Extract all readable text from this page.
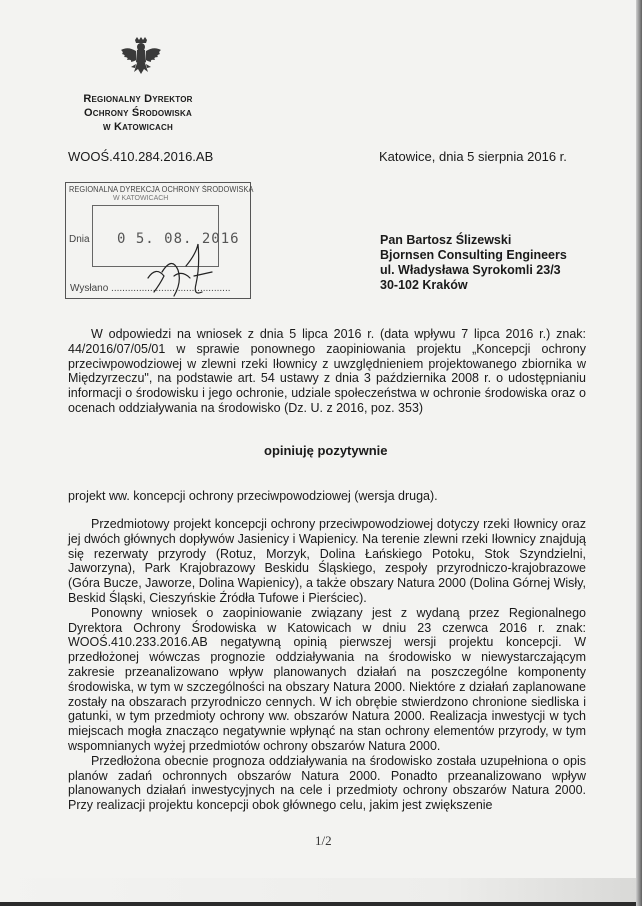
Regionalny Dyrektor
Ochrony Środowiska
w Katowicach
WOOŚ.410.284.2016.AB	Katowice, dnia 5 sierpnia 2016 r.
REGIONALNA DYREKCJA OCHRONY ŚRODOWISKA
W KATOWICACH
Dnia 0 5. 08. 2016
Wysłano ...........................................
Pan Bartosz Ślizewski
Bjornsen Consulting Engineers
ul. Władysława Syrokomli 23/3
30-102 Kraków

W odpowiedzi na wniosek z dnia 5 lipca 2016 r. (data wpływu 7 lipca 2016 r.) znak: 44/2016/07/05/01 w sprawie ponownego zaopiniowania projektu „Koncepcji ochrony przeciwpowodziowej w zlewni rzeki Iłownicy z uwzględnieniem projektowanego zbiornika w Międzyrzeczu", na podstawie art. 54 ustawy z dnia 3 października 2008 r. o udostępnianiu informacji o środowisku i jego ochronie, udziale społeczeństwa w ochronie środowiska oraz o ocenach oddziaływania na środowisko (Dz. U. z 2016, poz. 353)

opiniuję pozytywnie

projekt ww. koncepcji ochrony przeciwpowodziowej (wersja druga).

Przedmiotowy projekt koncepcji ochrony przeciwpowodziowej dotyczy rzeki Iłownicy oraz jej dwóch głównych dopływów Jasienicy i Wapienicy. Na terenie zlewni rzeki Iłownicy znajdują się rezerwaty przyrody (Rotuz, Morzyk, Dolina Łańskiego Potoku, Stok Szyndzielni, Jaworzyna), Park Krajobrazowy Beskidu Śląskiego, zespoły przyrodniczo-krajobrazowe (Góra Bucze, Jaworze, Dolina Wapienicy), a także obszary Natura 2000 (Dolina Górnej Wisły, Beskid Śląski, Cieszyńskie Źródła Tufowe i Pierściec).

Ponowny wniosek o zaopiniowanie związany jest z wydaną przez Regionalnego Dyrektora Ochrony Środowiska w Katowicach w dniu 23 czerwca 2016 r. znak: WOOŚ.410.233.2016.AB negatywną opinią pierwszej wersji projektu koncepcji. W przedłożonej wówczas prognozie oddziaływania na środowisko w niewystarczającym zakresie przeanalizowano wpływ planowanych działań na poszczególne komponenty środowiska, w tym w szczególności na obszary Natura 2000. Niektóre z działań zaplanowane zostały na obszarach przyrodniczo cennych. W ich obrębie stwierdzono chronione siedliska i gatunki, w tym przedmioty ochrony ww. obszarów Natura 2000. Realizacja inwestycji w tych miejscach mogła znacząco negatywnie wpłynąć na stan ochrony elementów przyrody, w tym wspomnianych wyżej przedmiotów ochrony obszarów Natura 2000.

Przedłożona obecnie prognoza oddziaływania na środowisko została uzupełniona o opis planów zadań ochronnych obszarów Natura 2000. Ponadto przeanalizowano wpływ planowanych działań inwestycyjnych na cele i przedmioty ochrony obszarów Natura 2000. Przy realizacji projektu koncepcji obok głównego celu, jakim jest zwiększenie

1/2
